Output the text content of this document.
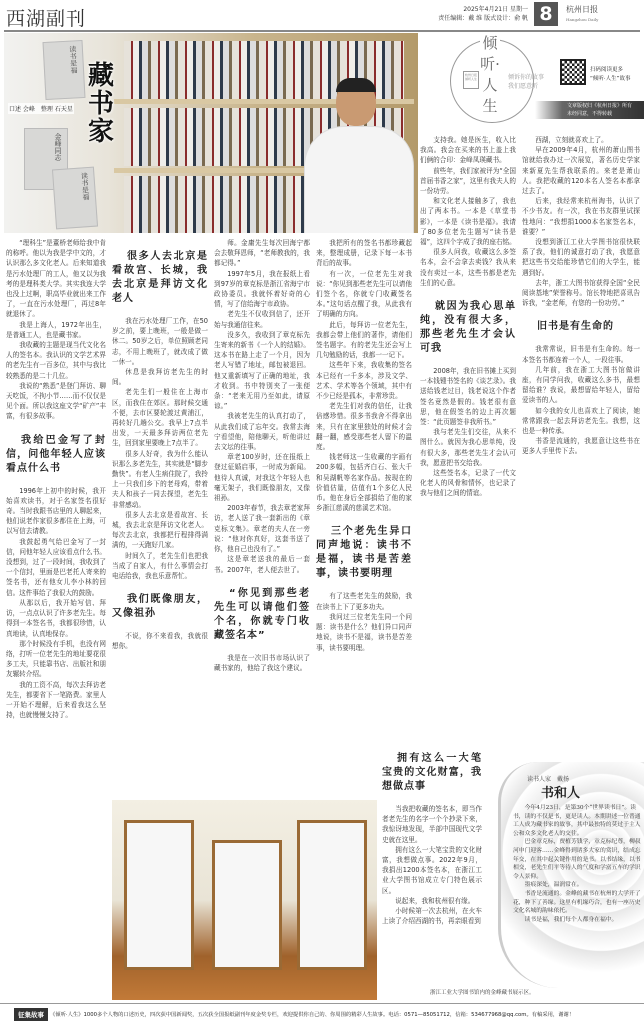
西湖副刊	2025年4月21日 星期一
责任编辑：戴 维 版式设计：俞 帆 8	杭州日报
Hangzhou Daily
读书是福
金峰同志
读书是福
藏书家
口述 会峰　整理 石天星
倾听·人生
杭州日报倾听人生	倾诉你的故事
我们愿意听
扫码阅读更多
“倾听·人生”故事
文章版权归《杭州日报》所有
未经同意，不得转载

“理科生”是董桥老师给我中肯的称呼。他以为我是学中文的，才认识那么多文化老人。后来知道我是污水处理厂的工人，他又以为我考的是理科类大学。其实我连大学也没上过啊，职高毕业就出来工作了，一直在污水处理厂，再过8年就退休了。

我是上海人，1972年出生，是普通工人，也是藏书家。

我收藏的主题是现当代文化名人的签名本。我认识的文学艺术界的老先生有一百多位，其中与我比较熟悉的是二十几位。

我说的“熟悉”是登门拜访、聊天吃饭，不拘小节……而不仅仅是见个面。所以我这座文学“矿产”丰富，有很多故事。

我给巴金写了封信，问他年轻人应该看点什么书

1996年上初中的时候，我开始喜欢读书，对于名家签名很好奇。当时我跟书店里的人聊起来，他们说老作家很多都住在上海，可以写信去请教。

我鼓起勇气给巴金写了一封信，问他年轻人应该看点什么书。没想到，过了一段时间，我收到了一个信封，里面是巴老托人寄来的签名书，还有他女儿李小林的回信。这件事给了我很大的鼓励。

从那以后，我开始写信、拜访，一点点认识了许多老先生。每得到一本签名书，我都很珍惜，认真地读，认真地保存。

那个时候没有手机，也没有网络，打听一位老先生的地址要花很多工夫，只能靠书店、出版社和朋友辗转介绍。

我的工资不高，每次去拜访老先生，都要省下一笔路费。家里人一开始不理解，后来看我这么坚持，也就慢慢支持了。

很多人去北京是看故宫、长城，我去北京是拜访文化老人

我在污水处理厂工作，在50岁之前，要上晚班，一般是做一休二。50岁之后，单位照顾老同志，不用上晚班了，就改成了做一休一。

休息是我拜访老先生的时间。

老先生们一般住在上海市区，而我住在郊区。那时候交通不便，去市区要轮渡过黄浦江，再转好几趟公交。我早上7点半出发，一天最多拜访两位老先生，回到家里要晚上7点半了。

很多人好奇，我为什么能认识那么多老先生，其实就是“脚步勤快”。有老人生病住院了，我拎上一只我们乡下的老母鸡，带着夫人和孩子一同去探望，老先生非常感动。

很多人去北京是看故宫、长城，我去北京是拜访文化老人。每次去北京，我都把行程排得满满的，一天跑好几家。

时间久了，老先生们也把我当成了自家人，有什么事情会打电话给我，我也乐意帮忙。

我们既像朋友，又像祖孙

不说，你不来看我，我就很想你。

师。金庸先生每次回海宁都会去敬拜恩师，“老师教我的，我都记得。”

1997年5月，我在报纸上看到97岁的章克标是浙江省海宁市政协委员。我就怀着好奇的心情，写了信给海宁市政协。

老先生不仅收到信了，还开始与我通信往来。

没多久，我收到了章克标先生寄来的新书《一个人的结婚》。这本书在路上走了一个月，因为老人写错了地址，邮包被退回。他又重新填写了正确的地址，我才收到。书中特别夹了一张便条：“老来无用乃至如此，请原谅。”

我被老先生的认真打动了，从此我们成了忘年交。我常去海宁看望他，陪他聊天，听他讲过去文坛的往事。

章老100岁时，还在报纸上登过征婚启事，一时成为新闻。他待人真诚，对我这个年轻人也毫无架子，我们既像朋友，又像祖孙。

2003年春节，我去章老家拜访，老人送了我一套新出的《章克标文集》。章老的夫人在一旁说：“他对你真好，这套书送了你，他自己也没有了。”

这是章老送我的最后一套书。2007年，老人便去世了。

“你见到那些老先生可以请他们签个名，你就专门收藏签名本”

我是在一次旧书市场认识了藏书家的，他给了我这个建议。

我把所有的签名书都珍藏起来，整理成册，记录下每一本书背后的故事。

有一次，一位老先生对我说：“你见到那些老先生可以请他们签个名，你就专门收藏签名本。”这句话点醒了我，从此我有了明确的方向。

此后，每拜访一位老先生，我都会带上他们的著作，请他们签名题字。有的老先生还会写上几句勉励的话，我都一一记下。

这些年下来，我收集的签名本已经有一千多本，涉及文学、艺术、学术等各个领域，其中有不少已经是孤本，非常珍贵。

老先生们对我的信任，让我倍感珍惜。很多书我舍不得拿出来，只有在家里独处的时候才会翻一翻，感受那些老人留下的温度。

钱老师这一生收藏的字画有200多幅，包括齐白石、张大千和吴湖帆等名家作品。按现在的价值估量，估值有1个多亿人民币。他在身后全部捐给了他的家乡浙江慈溪的慈溪艺术馆。

三个老先生异口同声地说：读书不是福，读书是苦差事，读书要明理

有了这些老先生的鼓励，我在读书上下了更多功夫。

我问过三位老先生同一个问题：读书是什么？他们异口同声地说，读书不是福，读书是苦差事，读书要明理。

支持我。她是医生，收入比我高。我会在买来的书上盖上我们俩的合印：金峰凤瑛藏书。

前些年，我们家被评为“全国首届书香之家”，这里有我夫人的一份功劳。

和文化老人接触多了，我也出了两本书。一本是《草堂书影》，一本是《读书是福》。我请了80多位老先生题写“读书是福”，这四个字成了我的座右铭。

很多人问我，收藏这么多签名本，会不会拿去卖钱？我从来没有卖过一本，这些书都是老先生们的心意。

就因为我心思单纯，没有很大多，那些老先生才会认可我

2008年，我在旧书摊上买到一本钱锺书签名的《谈艺录》。我送给钱老过目，钱老说这个作者签名竟然是假的。钱老很有意思，他在假签名的边上再次题签：“此页题签非我所书。”

我与老先生们交往，从来不图什么。就因为我心思单纯，没有很大多，那些老先生才会认可我，愿意把书交给我。

这些签名本，记录了一代文化老人的风骨和情怀，也记录了我与他们之间的情谊。

西湖，立刻就喜欢上了。

早在2009年4月，杭州的萧山图书馆就给我办过一次展览，著名历史学家来新夏先生帮我联系的。来老是萧山人。我把收藏的120本名人签名本都拿过去了。

后来，我经常来杭州淘书，认识了不少书友。有一次，我在书友群里试探性地问：“我想捐1000本名家签名本，谁要？”

没想到浙江工业大学图书馆很快联系了我，他们的诚意打动了我，我愿意把这些书交给能珍惜它们的大学生，能遇到好。

去年，浙工大图书馆获得全国“全民阅读基地”荣誉称号。馆长特地把喜讯告诉我，“金老师，有您的一份功劳。”

旧书是有生命的

我常常说，旧书是有生命的。每一本签名书都连着一个人，一段往事。

几年前，我在浙工大图书馆做讲座，有同学问我，收藏这么多书，最想留给谁？我说，最想留给年轻人，留给爱读书的人。

如今我的女儿也喜欢上了阅读，她常常跟我一起去拜访老先生。我想，这也是一种传承。

书香是流通的，我愿意让这些书在更多人手里传下去。

拥有这么一大笔宝贵的文化财富，我想做点事

当我把收藏的签名本，即当作者老先生的名字一个个抄录下来，我惊讶地发现，半部中国现代文学史就在这里。

拥有这么一大笔宝贵的文化财富，我想做点事。2022年9月，我捐出1200本签名本，在浙江工业大学图书馆成立专门特色展示区。

说起来，我和杭州很有缘。

小时候第一次去杭州，在火车上读了介绍西湖的书，再亲眼看到

浙江工业大学图书馆内的金峰藏书展示区。
读书人家　戴扬
书和人

今年4月23日，是第30个“世界读书日”。读书，读的不仅是书，更是读人。本期讲述一位普通工人成为藏书家的故事，其中最独特的莫过于主人公和众多文化老人的交往。

巴金章克标，贾植芳钱学，章克标纪尊，柳叔河申门迎客……金峰得到诸多大家的赏识，结成忘年交，在其中起关键作用的是书。以书结缘，以书相交，老先生们平等待人的气度和学富五车的学识令人景仰。

墨痕深处，温润常在。

书香是流通的。金峰的藏书在杭州的大学开了花，种下了善缘。这里有机缘巧合，也有一座历史文化名城的韵味依托。

读书是福，我们每个人都身在福中。

征集故事	《倾听·人生》1000多个人物的口述历史，四次获中国新闻奖，五次获全国报纸副刊年度金奖专栏，欢迎提供你自己的、你周围的精彩人生故事。电话：0571—85051712，信箱：534677968@qq.com。有稿采用，谢谢！
